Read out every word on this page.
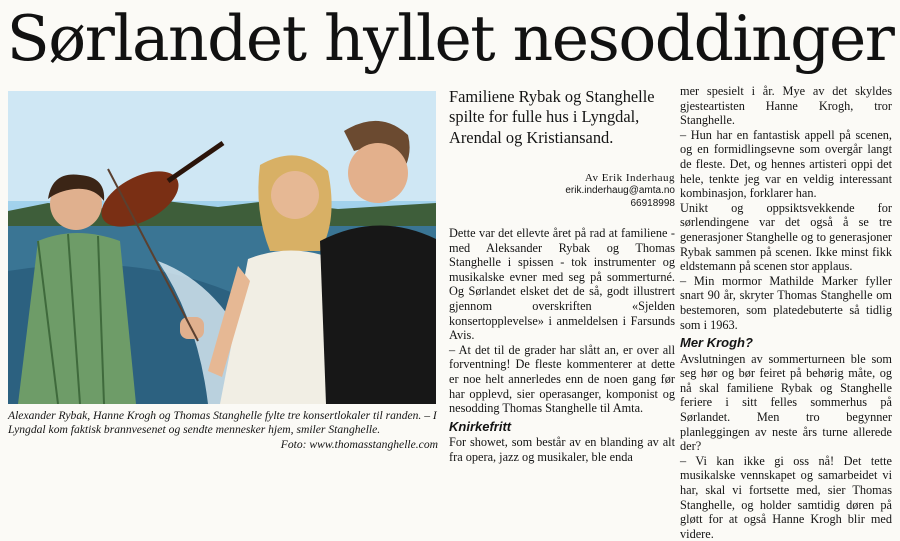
Sørlandet hyllet nesoddinger
Alexander Rybak, Hanne Krogh og Thomas Stanghelle fylte tre konsertlokaler til randen. – I Lyngdal kom faktisk brannvesenet og sendte mennesker hjem, smiler Stanghelle.
Foto: www.thomasstanghelle.com
Familiene Rybak og Stanghelle spilte for fulle hus i Lyngdal, Arendal og Kristiansand.
Av Erik Inderhaug
erik.inderhaug@amta.no
66918998

Dette var det ellevte året på rad at familiene - med Aleksander Rybak og Thomas Stanghelle i spissen - tok instrumenter og musikalske evner med seg på sommerturné. Og Sørlandet elsket det de så, godt illustrert gjennom overskriften «Sjelden konsertopplevelse» i anmeldelsen i Farsunds Avis.

– At det til de grader har slått an, er over all forventning! De fleste kommenterer at dette er noe helt annerledes enn de noen gang før har opplevd, sier operasanger, komponist og nesodding Thomas Stanghelle til Amta.

Knirkefritt

For showet, som består av en blanding av alt fra opera, jazz og musikaler, ble enda

mer spesielt i år. Mye av det skyldes gjesteartisten Hanne Krogh, tror Stanghelle.

– Hun har en fantastisk appell på scenen, og en formidlingsevne som overgår langt de fleste. Det, og hennes artisteri oppi det hele, tenkte jeg var en veldig interessant kombinasjon, forklarer han.

Unikt og oppsiktsvekkende for sørlendingene var det også å se tre generasjoner Stanghelle og to generasjoner Rybak sammen på scenen. Ikke minst fikk eldstemann på scenen stor applaus.

– Min mormor Mathilde Marker fyller snart 90 år, skryter Thomas Stanghelle om bestemoren, som platedebuterte så tidlig som i 1963.

Mer Krogh?

Avslutningen av sommerturneen ble som seg hør og bør feiret på behørig måte, og nå skal familiene Rybak og Stanghelle feriere i sitt felles sommerhus på Sørlandet. Men tro begynner planleggingen av neste års turne allerede der?

– Vi kan ikke gi oss nå! Det tette musikalske vennskapet og samarbeidet vi har, skal vi fortsette med, sier Thomas Stanghelle, og holder samtidig døren på gløtt for at også Hanne Krogh blir med videre.
